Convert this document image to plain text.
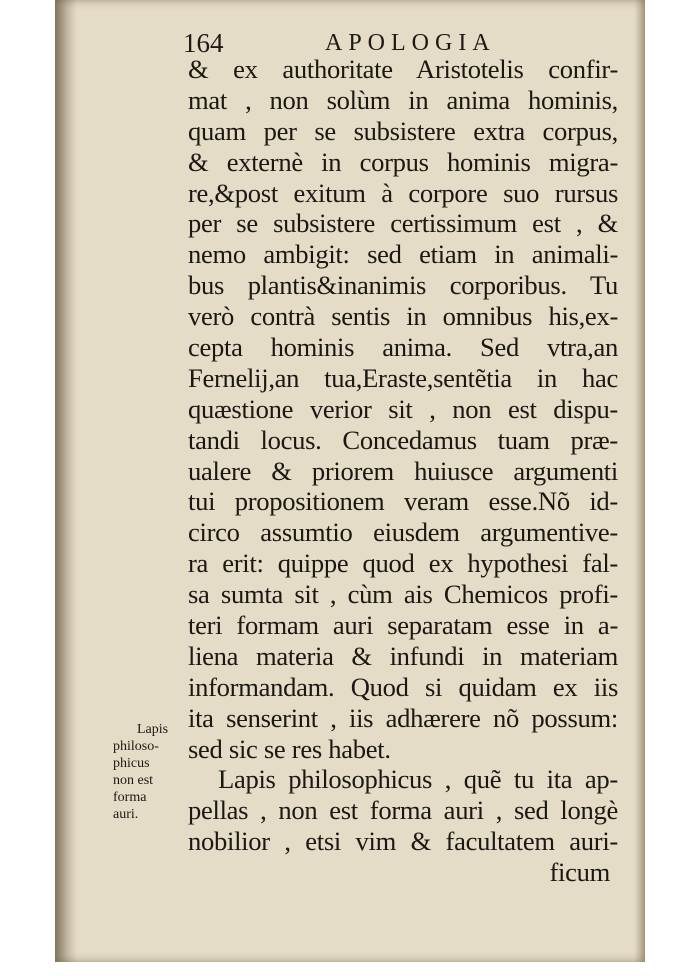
164	APOLOGIA
& ex authoritate Aristotelis confir-
mat , non solùm in anima hominis,
quam per se subsistere extra corpus,
& externè in corpus hominis migra-
re,&post exitum à corpore suo rursus
per se subsistere certissimum est , &
nemo ambigit: sed etiam in animali-
bus plantis&inanimis corporibus. Tu
verò contrà sentis in omnibus his,ex-
cepta hominis anima. Sed vtra,an
Fernelij,an tua,Eraste,sentẽtia in hac
quæstione verior sit , non est dispu-
tandi locus. Concedamus tuam præ-
ualere & priorem huiusce argumenti
tui propositionem veram esse.Nõ id-
circo assumtio eiusdem argumentive-
ra erit: quippe quod ex hypothesi fal-
sa sumta sit , cùm ais Chemicos profi-
teri formam auri separatam esse in a-
liena materia & infundi in materiam
informandam. Quod si quidam ex iis
ita senserint , iis adhærere nõ possum:
sed sic se res habet.
Lapis philosophicus , quẽ tu ita ap-
pellas , non est forma auri , sed longè
nobilior , etsi vim & facultatem auri-
ficum
Lapis
philoso-
phicus
non est
forma
auri.
